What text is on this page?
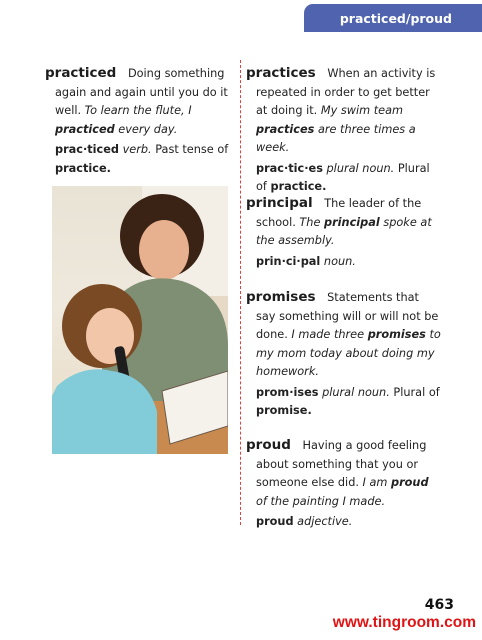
practiced/proud

practiced Doing something again and again until you do it well. To learn the flute, I practiced every day.

prac·ticed verb. Past tense of practice.

practices When an activity is repeated in order to get better at doing it. My swim team practices are three times a week.

prac·tic·es plural noun. Plural of practice.

principal The leader of the school. The principal spoke at the assembly.

prin·ci·pal noun.

promises Statements that say something will or will not be done. I made three promises to my mom today about doing my homework.

prom·ises plural noun. Plural of promise.

proud Having a good feeling about something that you or someone else did. I am proud of the painting I made.

proud adjective.

463
www.tingroom.com
